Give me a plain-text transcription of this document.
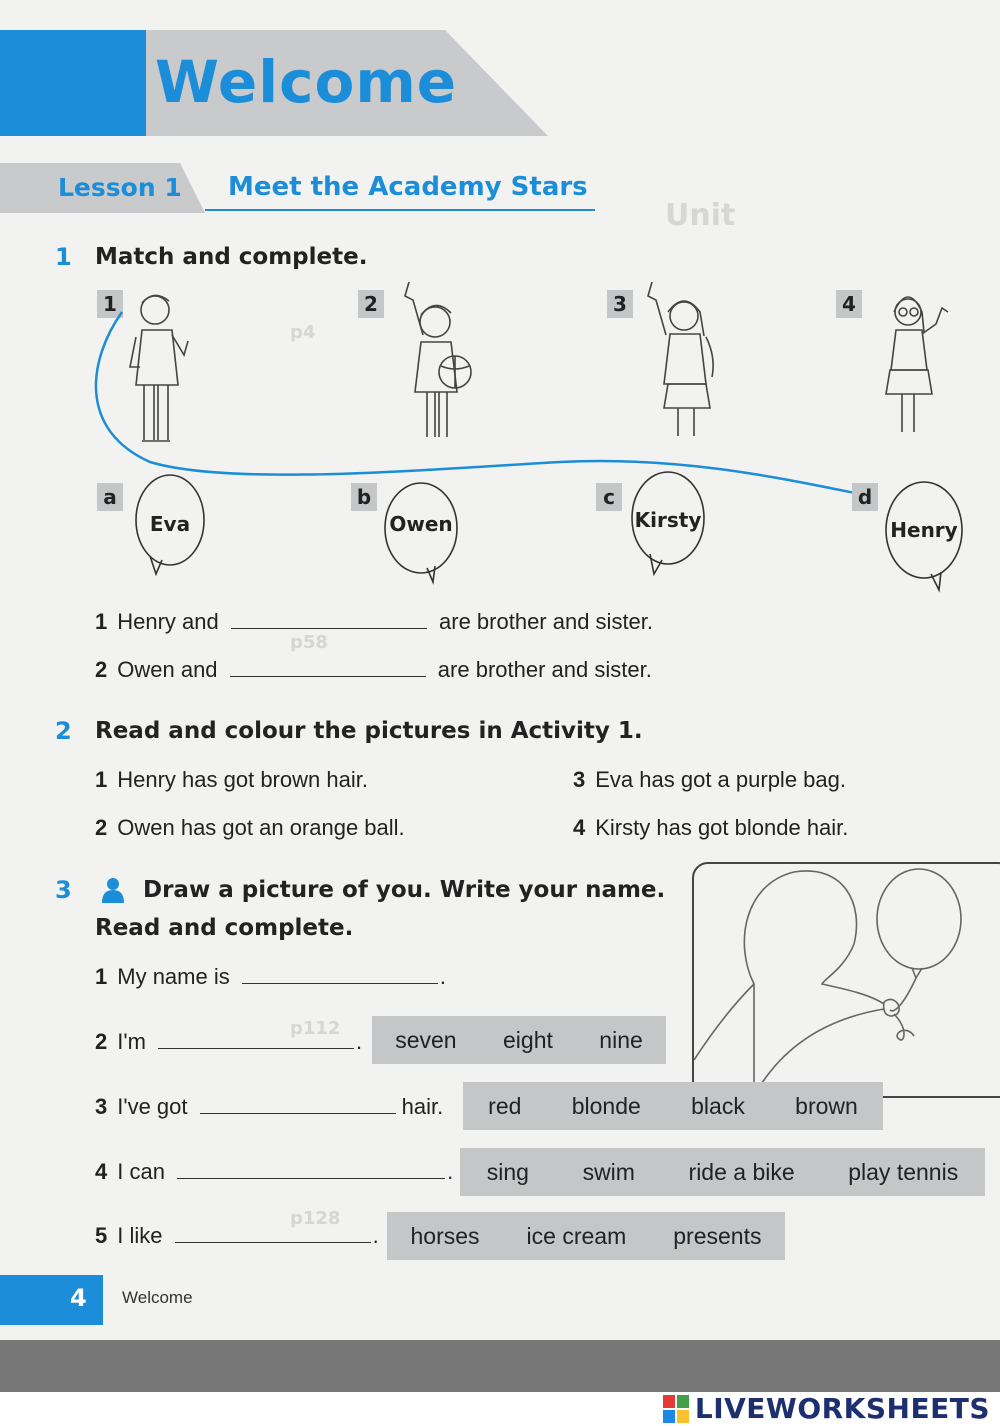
Unit
p4
p58
p112
p128
Welcome
Lesson 1 Meet the Academy Stars
1 Match and complete.
1	2	3	4
a	b	c	d
Eva	Owen	Kirsty	Henry
1 Henry and	are brother and sister.
2 Owen and	are brother and sister.
2 Read and colour the pictures in Activity 1.
1 Henry has got brown hair.
2 Owen has got an orange ball.
3 Eva has got a purple bag.
4 Kirsty has got blonde hair.
3	Draw a picture of you. Write your name.
Read and complete.
1 My name is	.
2 I'm	. seven eight nine
3 I've got	hair. red blonde black brown
4 I can	. sing swim ride a bike play tennis
5 I like	. horses ice cream presents
4 Welcome
LIVEWORKSHEETS
